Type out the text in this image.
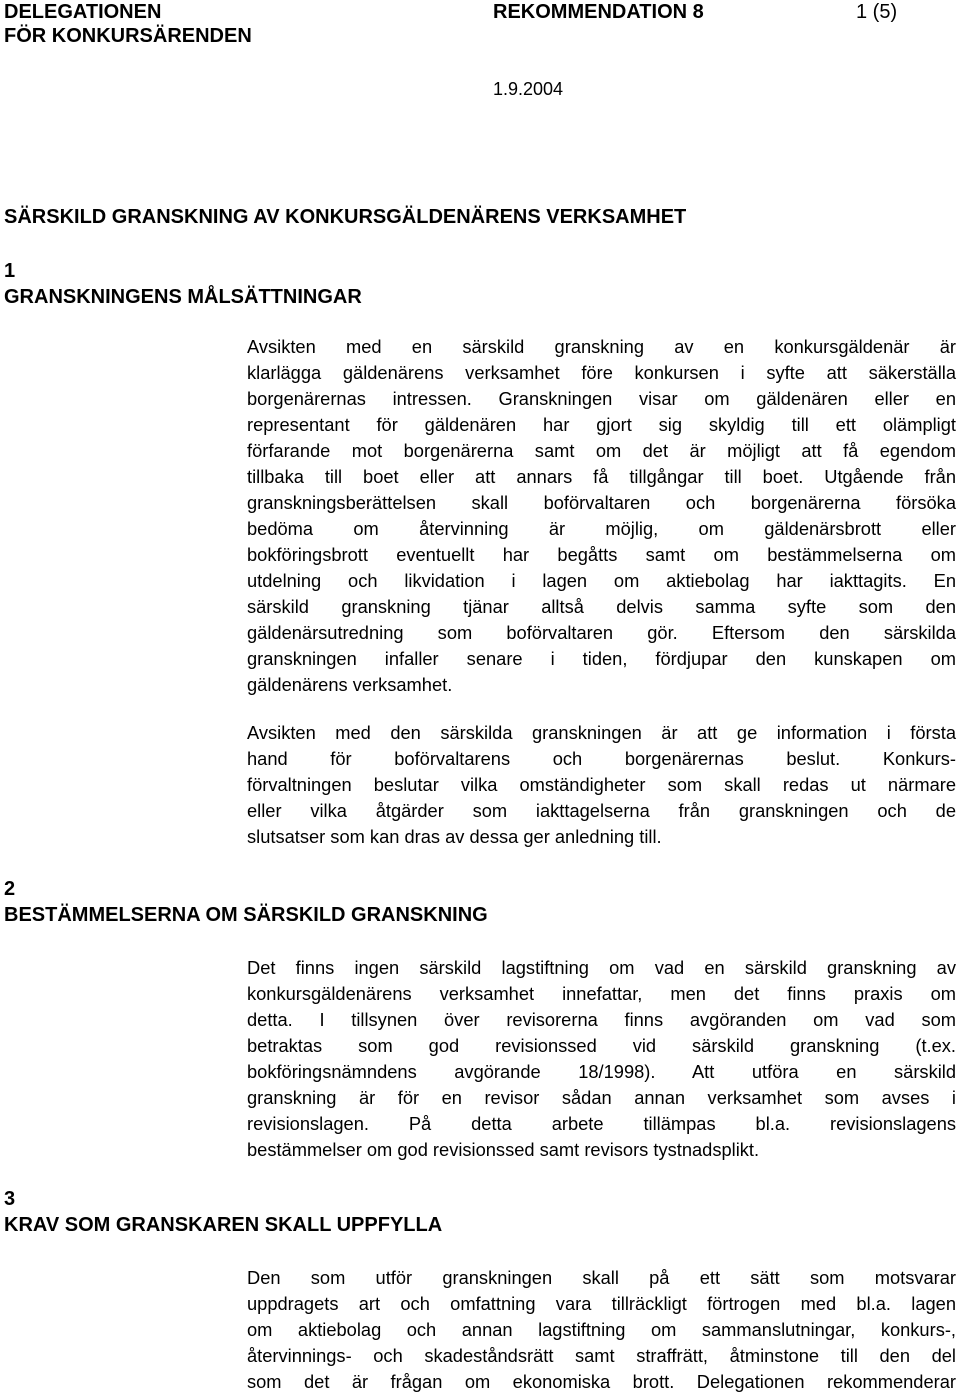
DELEGATIONEN
FÖR KONKURSÄRENDEN
REKOMMENDATION 8	1 (5)
1.9.2004
SÄRSKILD GRANSKNING AV KONKURSGÄLDENÄRENS VERKSAMHET
1
GRANSKNINGENS MÅLSÄTTNINGAR
Avsikten med en särskild granskning av en konkursgäldenär är
klarlägga gäldenärens verksamhet före konkursen i syfte att säkerställa
borgenärernas intressen. Granskningen visar om gäldenären eller en
representant för gäldenären har gjort sig skyldig till ett olämpligt
förfarande mot borgenärerna samt om det är möjligt att få egendom
tillbaka till boet eller att annars få tillgångar till boet. Utgående från
granskningsberättelsen skall boförvaltaren och borgenärerna försöka
bedöma om återvinning är möjlig, om gäldenärsbrott eller
bokföringsbrott eventuellt har begåtts samt om bestämmelserna om
utdelning och likvidation i lagen om aktiebolag har iakttagits. En
särskild granskning tjänar alltså delvis samma syfte som den
gäldenärsutredning som boförvaltaren gör. Eftersom den särskilda
granskningen infaller senare i tiden, fördjupar den kunskapen om
gäldenärens verksamhet.
Avsikten med den särskilda granskningen är att ge information i första
hand för boförvaltarens och borgenärernas beslut. Konkurs-
förvaltningen beslutar vilka omständigheter som skall redas ut närmare
eller vilka åtgärder som iakttagelserna från granskningen och de
slutsatser som kan dras av dessa ger anledning till.
2
BESTÄMMELSERNA OM SÄRSKILD GRANSKNING
Det finns ingen särskild lagstiftning om vad en särskild granskning av
konkursgäldenärens verksamhet innefattar, men det finns praxis om
detta. I tillsynen över revisorerna finns avgöranden om vad som
betraktas som god revisionssed vid särskild granskning (t.ex.
bokföringsnämndens avgörande 18/1998). Att utföra en särskild
granskning är för en revisor sådan annan verksamhet som avses i
revisionslagen. På detta arbete tillämpas bl.a. revisionslagens
bestämmelser om god revisionssed samt revisors tystnadsplikt.
3
KRAV SOM GRANSKAREN SKALL UPPFYLLA
Den som utför granskningen skall på ett sätt som motsvarar
uppdragets art och omfattning vara tillräckligt förtrogen med bl.a. lagen
om aktiebolag och annan lagstiftning om sammanslutningar, konkurs-,
återvinnings- och skadeståndsrätt samt straffrätt, åtminstone till den del
som det är frågan om ekonomiska brott. Delegationen rekommenderar
